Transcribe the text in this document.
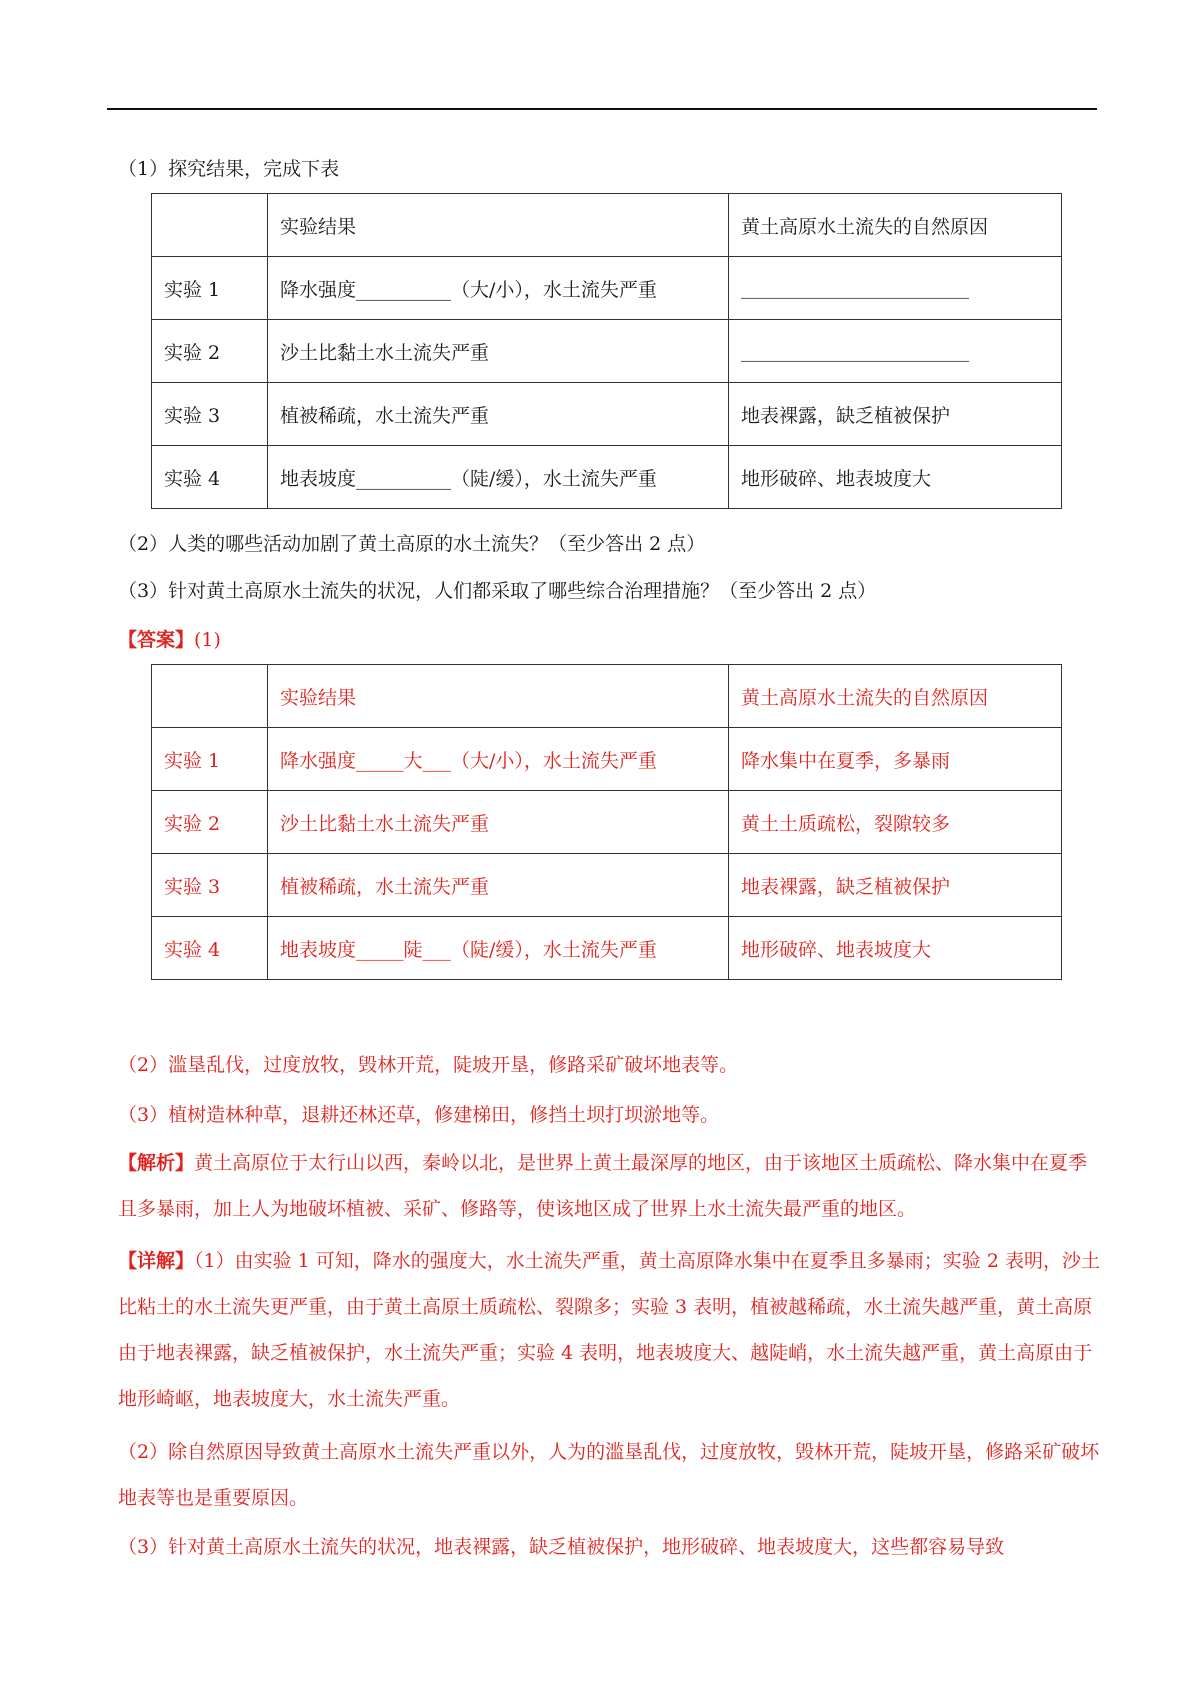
（1）探究结果，完成下表
	实验结果	黄土高原水土流失的自然原因
实验 1	降水强度__________（大/小），水土流失严重	________________________
实验 2	沙土比黏土水土流失严重	________________________
实验 3	植被稀疏，水土流失严重	地表裸露，缺乏植被保护
实验 4	地表坡度__________（陡/缓），水土流失严重	地形破碎、地表坡度大
（2）人类的哪些活动加剧了黄土高原的水土流失？（至少答出 2 点）
（3）针对黄土高原水土流失的状况，人们都采取了哪些综合治理措施？（至少答出 2 点）
【答案】(1)
	实验结果	黄土高原水土流失的自然原因
实验 1	降水强度_____大___（大/小），水土流失严重	降水集中在夏季，多暴雨
实验 2	沙土比黏土水土流失严重	黄土土质疏松，裂隙较多
实验 3	植被稀疏，水土流失严重	地表裸露，缺乏植被保护
实验 4	地表坡度_____陡___（陡/缓），水土流失严重	地形破碎、地表坡度大
（2）滥垦乱伐，过度放牧，毁林开荒，陡坡开垦，修路采矿破坏地表等。
（3）植树造林种草，退耕还林还草，修建梯田，修挡土坝打坝淤地等。
【解析】黄土高原位于太行山以西，秦岭以北，是世界上黄土最深厚的地区，由于该地区土质疏松、降水集中在夏季且多暴雨，加上人为地破坏植被、采矿、修路等，使该地区成了世界上水土流失最严重的地区。
【详解】（1）由实验 1 可知，降水的强度大，水土流失严重，黄土高原降水集中在夏季且多暴雨；实验 2 表明，沙土比粘土的水土流失更严重，由于黄土高原土质疏松、裂隙多；实验 3 表明，植被越稀疏，水土流失越严重，黄土高原由于地表裸露，缺乏植被保护，水土流失严重；实验 4 表明，地表坡度大、越陡峭，水土流失越严重，黄土高原由于地形崎岖，地表坡度大，水土流失严重。
（2）除自然原因导致黄土高原水土流失严重以外，人为的滥垦乱伐，过度放牧，毁林开荒，陡坡开垦，修路采矿破坏地表等也是重要原因。
（3）针对黄土高原水土流失的状况，地表裸露，缺乏植被保护，地形破碎、地表坡度大，这些都容易导致
